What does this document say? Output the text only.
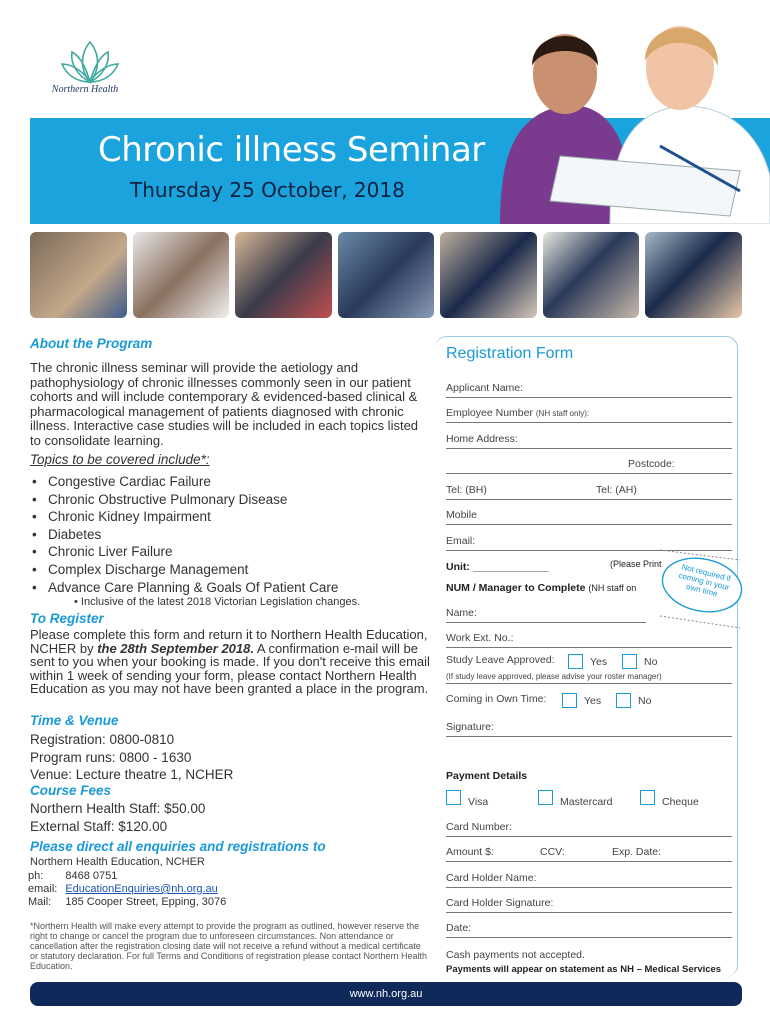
Northern Health
Chronic illness Seminar
Thursday 25 October, 2018
About the Program
The chronic illness seminar will provide the aetiology and pathophysiology of chronic illnesses commonly seen in our patient cohorts and will include contemporary & evidenced-based clinical & pharmacological management of patients diagnosed with chronic illness. Interactive case studies will be included in each topics listed to consolidate learning.
Topics to be covered include*:
• Congestive Cardiac Failure
• Chronic Obstructive Pulmonary Disease
• Chronic Kidney Impairment
• Diabetes
• Chronic Liver Failure
• Complex Discharge Management
• Advance Care Planning & Goals Of Patient Care
• Inclusive of the latest 2018 Victorian Legislation changes.
To Register
Please complete this form and return it to Northern Health Education, NCHER by the 28th September 2018. A confirmation e-mail will be sent to you when your booking is made. If you don't receive this email within 1 week of sending your form, please contact Northern Health Education as you may not have been granted a place in the program.
Time & Venue
Registration: 0800-0810
Program runs: 0800 - 1630
Venue: Lecture theatre 1, NCHER
Course Fees
Northern Health Staff: $50.00
External Staff: $120.00
Please direct all enquiries and registrations to
Northern Health Education, NCHER
ph:	8468 0751
email:	EducationEnquiries@nh.org.au
Mail:	185 Cooper Street, Epping, 3076
*Northern Health will make every attempt to provide the program as outlined, however reserve the right to change or cancel the program due to unforeseen circumstances. Non attendance or cancellation after the registration closing date will not receive a refund without a medical certificate or statutory declaration. For full Terms and Conditions of registration please contact Northern Health Education.
Registration Form
Applicant Name:
Employee Number (NH staff only):
Home Address:
Postcode:
Tel: (BH)	Tel: (AH)
Mobile
Email:
Unit: _____________	(Please Print
NUM / Manager to Complete (NH staff on
Not required if coming in your own time
Name:
Work Ext. No.:
Study Leave Approved:	Yes	No
(If study leave approved, please advise your roster manager)
Coming in Own Time:	Yes	No
Signature:
Payment Details
Visa	Mastercard	Cheque
Card Number:
Amount $:	CCV:	Exp. Date:
Card Holder Name:
Card Holder Signature:
Date:
Cash payments not accepted.
Payments will appear on statement as NH – Medical Services
www.nh.org.au
